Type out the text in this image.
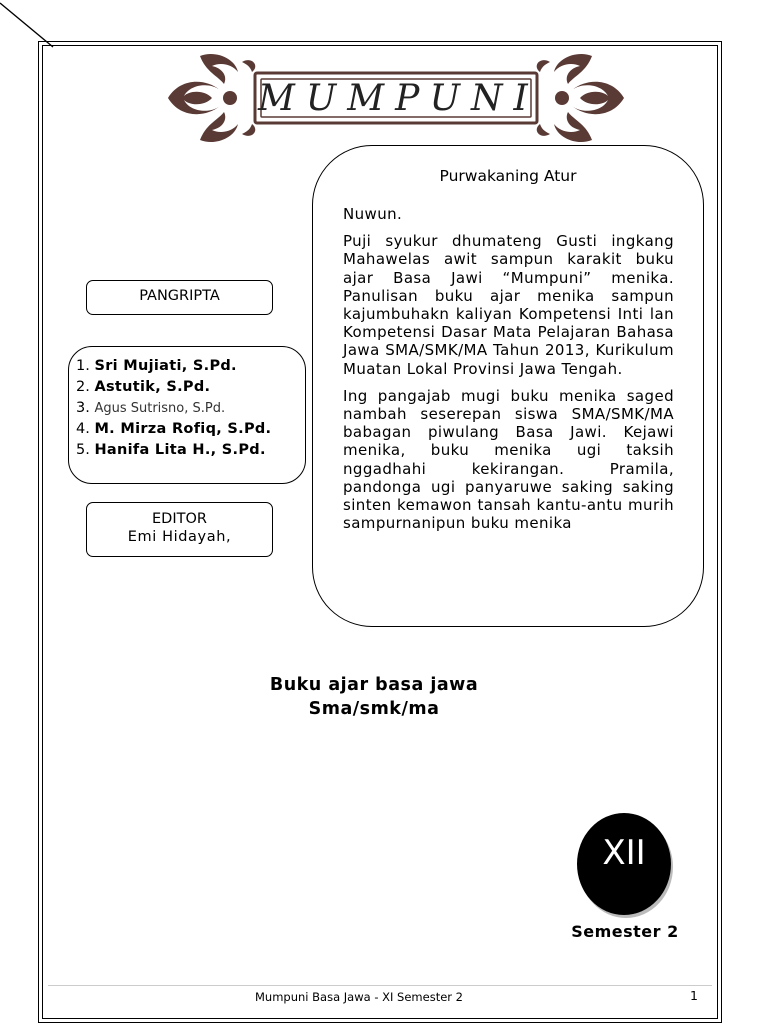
MUMPUNI
Purwakaning Atur

Nuwun.

Puji syukur dhumateng Gusti ingkang Mahawelas awit sampun karakit buku ajar Basa Jawi “Mumpuni” menika. Panulisan buku ajar menika sampun kajumbuhakn kaliyan Kompetensi Inti lan Kompetensi Dasar Mata Pelajaran Bahasa Jawa SMA/SMK/MA Tahun 2013, Kurikulum Muatan Lokal Provinsi Jawa Tengah.

Ing pangajab mugi buku menika saged nambah seserepan siswa SMA/SMK/MA babagan piwulang Basa Jawi. Kejawi menika, buku menika ugi taksih nggadhahi kekirangan. Pramila, pandonga ugi panyaruwe saking saking sinten kemawon tansah kantu-antu murih sampurnanipun buku menika

PANGRIPTA
1. Sri Mujiati, S.Pd.
2. Astutik, S.Pd.
3. Agus Sutrisno, S.Pd.
4. M. Mirza Rofiq, S.Pd.
5. Hanifa Lita H., S.Pd.
EDITOR
Emi Hidayah,
Buku ajar basa jawa
Sma/smk/ma
XII
Semester 2
Mumpuni Basa Jawa - XI Semester 2	1
